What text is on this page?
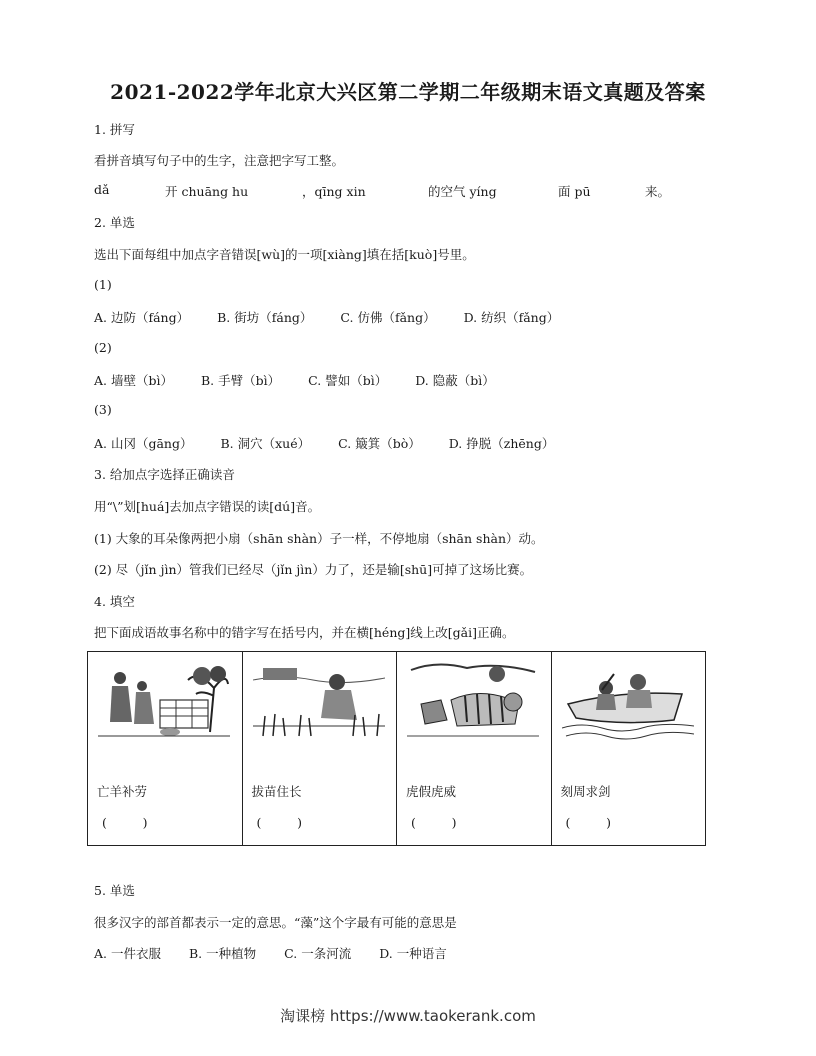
2021-2022学年北京大兴区第二学期二年级期末语文真题及答案
1. 拼写
看拼音填写句子中的生字，注意把字写工整。
dǎ	开 chuāng hu	，qīng xin	的空气 yíng	面 pū	来。
2. 单选
选出下面每组中加点字音错误[wù]的一项[xiàng]填在括[kuò]号里。
(1)
A. 边防（fáng） B. 街坊（fáng） C. 仿佛（fǎng） D. 纺织（fǎng）
(2)
A. 墙壁（bì） B. 手臂（bì） C. 譬如（bì） D. 隐蔽（bì）
(3)
A. 山冈（gāng） B. 洞穴（xué） C. 簸箕（bò） D. 挣脱（zhēng）
3. 给加点字选择正确读音
用“\”划[huá]去加点字错误的读[dú]音。
(1) 大象的耳朵像两把小扇（shān shàn）子一样，不停地扇（shān shàn）动。
(2) 尽（jǐn jìn）管我们已经尽（jǐn jìn）力了，还是输[shū]可掉了这场比赛。
4. 填空
把下面成语故事名称中的错字写在括号内，并在横[héng]线上改[gǎi]正确。
亡羊补劳
(         )

拔苗住长
(         )

虎假虎威
(         )

刻周求剑
(         )
5. 单选
很多汉字的部首都表示一定的意思。“藻”这个字最有可能的意思是
A. 一件衣服 B. 一种植物 C. 一条河流 D. 一种语言
淘课榜 https://www.taokerank.com
